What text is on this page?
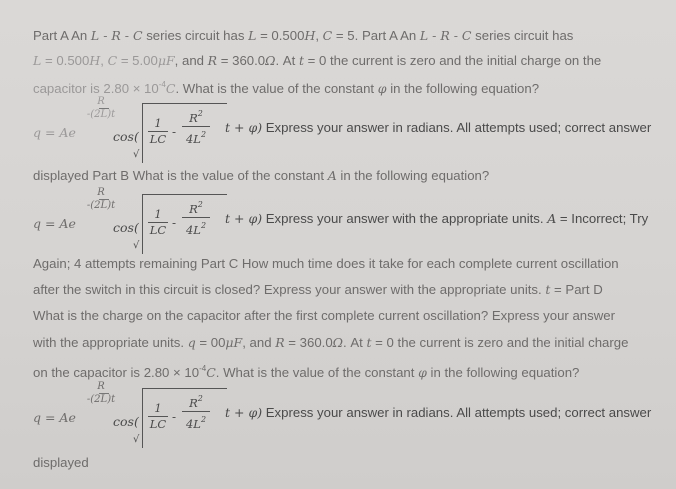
Part A An L - R - C series circuit has L = 0.500H, C = 5. Part A An L - R - C series circuit has
L = 0.500H, C = 5.00μF, and R = 360.0Ω. At t = 0 the current is zero and the initial charge on the
capacitor is $2.80 \times 10^{-4}C$. What is the value of the constant φ in the following equation?
q = Ae
R
-(2L)t
cos(
1
LC -
$R^2$
$4L^2$
√
t + φ) Express your answer in radians. All attempts used; correct answer
displayed Part B What is the value of the constant A in the following equation?
q = Ae
R
-(2L)t
cos(
1
LC -
$R^2$
$4L^2$
√
t + φ) Express your answer with the appropriate units. A = Incorrect; Try
Again; 4 attempts remaining Part C How much time does it take for each complete current oscillation
after the switch in this circuit is closed? Express your answer with the appropriate units. t = Part D
What is the charge on the capacitor after the first complete current oscillation? Express your answer
with the appropriate units. q = 00μF, and R = 360.0Ω. At t = 0 the current is zero and the initial charge
on the capacitor is $2.80 \times 10^{-4}C$. What is the value of the constant φ in the following equation?
q = Ae
R
-(2L)t
cos(
1
LC -
$R^2$
$4L^2$
√
t + φ) Express your answer in radians. All attempts used; correct answer
displayed
